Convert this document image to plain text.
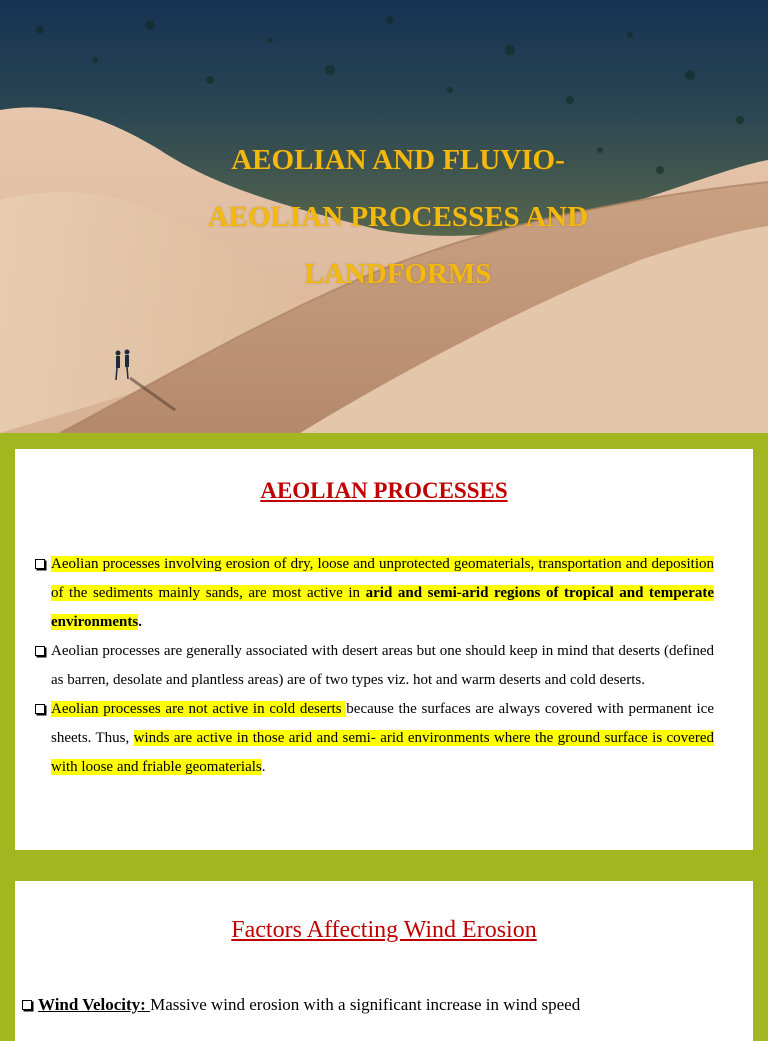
AEOLIAN AND FLUVIO-
AEOLIAN PROCESSES AND
LANDFORMS
AEOLIAN PROCESSES
Aeolian processes involving erosion of dry, loose and unprotected geomaterials, transportation and deposition of the sediments mainly sands, are most active in arid and semi-arid regions of tropical and temperate environments.
Aeolian processes are generally associated with desert areas but one should keep in mind that deserts (defined as barren, desolate and plantless areas) are of two types viz. hot and warm deserts and cold deserts.
Aeolian processes are not active in cold deserts because the surfaces are always covered with permanent ice sheets. Thus, winds are active in those arid and semi- arid environments where the ground surface is covered with loose and friable geomaterials.
Factors Affecting Wind Erosion
Wind Velocity: Massive wind erosion with a significant increase in wind speed
